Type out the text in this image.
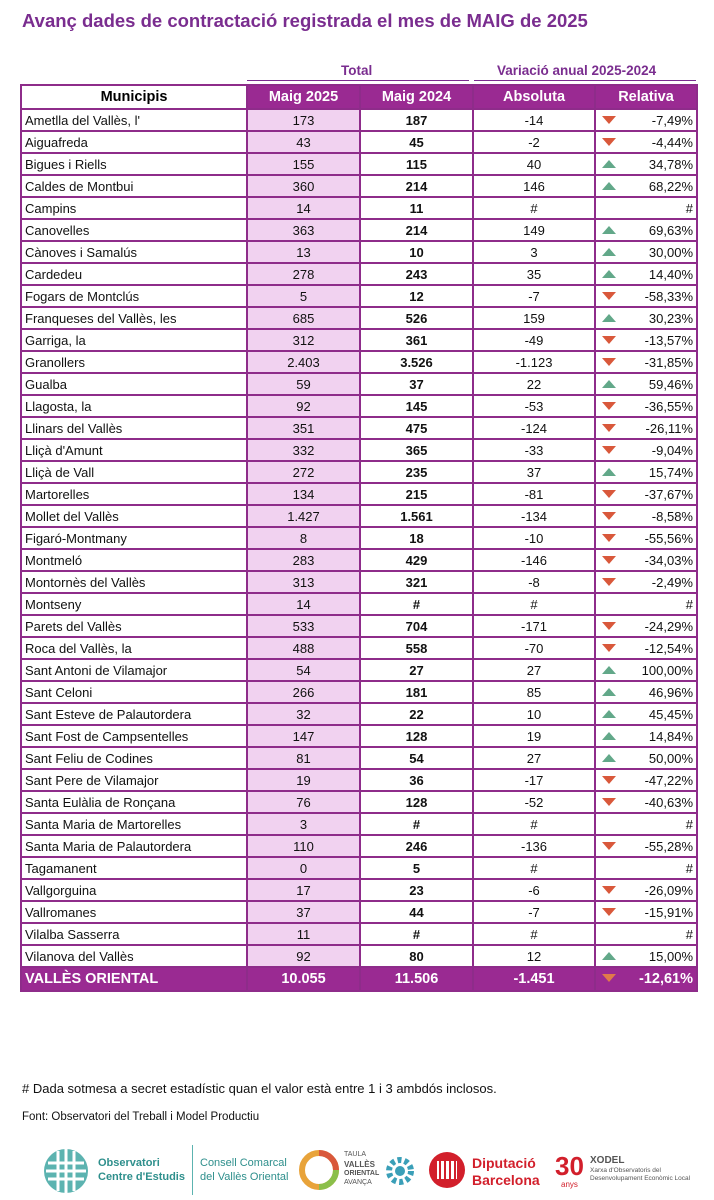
Avanç dades de contractació registrada el mes de MAIG de 2025
Total	Variació anual 2025-2024
Municipis	Maig 2025	Maig 2024	Absoluta	Relativa
Ametlla del Vallès, l'	173	187	-14	-7,49%
Aiguafreda	43	45	-2	-4,44%
Bigues i Riells	155	115	40	34,78%
Caldes de Montbui	360	214	146	68,22%
Campins	14	11	#	#
Canovelles	363	214	149	69,63%
Cànoves i Samalús	13	10	3	30,00%
Cardedeu	278	243	35	14,40%
Fogars de Montclús	5	12	-7	-58,33%
Franqueses del Vallès, les	685	526	159	30,23%
Garriga, la	312	361	-49	-13,57%
Granollers	2.403	3.526	-1.123	-31,85%
Gualba	59	37	22	59,46%
Llagosta, la	92	145	-53	-36,55%
Llinars del Vallès	351	475	-124	-26,11%
Lliçà d'Amunt	332	365	-33	-9,04%
Lliçà de Vall	272	235	37	15,74%
Martorelles	134	215	-81	-37,67%
Mollet del Vallès	1.427	1.561	-134	-8,58%
Figaró-Montmany	8	18	-10	-55,56%
Montmeló	283	429	-146	-34,03%
Montornès del Vallès	313	321	-8	-2,49%
Montseny	14	#	#	#
Parets del Vallès	533	704	-171	-24,29%
Roca del Vallès, la	488	558	-70	-12,54%
Sant Antoni de Vilamajor	54	27	27	100,00%
Sant Celoni	266	181	85	46,96%
Sant Esteve de Palautordera	32	22	10	45,45%
Sant Fost de Campsentelles	147	128	19	14,84%
Sant Feliu de Codines	81	54	27	50,00%
Sant Pere de Vilamajor	19	36	-17	-47,22%
Santa Eulàlia de Ronçana	76	128	-52	-40,63%
Santa Maria de Martorelles	3	#	#	#
Santa Maria de Palautordera	110	246	-136	-55,28%
Tagamanent	0	5	#	#
Vallgorguina	17	23	-6	-26,09%
Vallromanes	37	44	-7	-15,91%
Vilalba Sasserra	11	#	#	#
Vilanova del Vallès	92	80	12	15,00%
VALLÈS ORIENTAL	10.055	11.506	-1.451	-12,61%
# Dada sotmesa a secret estadístic quan el valor està entre 1 i 3 ambdós inclosos.
Font: Observatori del Treball i Model Productiu
Observatori
Centre d'Estudis
Consell Comarcal
del Vallès Oriental
TAULA
VALLÈS
ORIENTAL
AVANÇA
Diputació
Barcelona 30
anys
XODEL
Xarxa d'Observatoris del
Desenvolupament Econòmic Local
